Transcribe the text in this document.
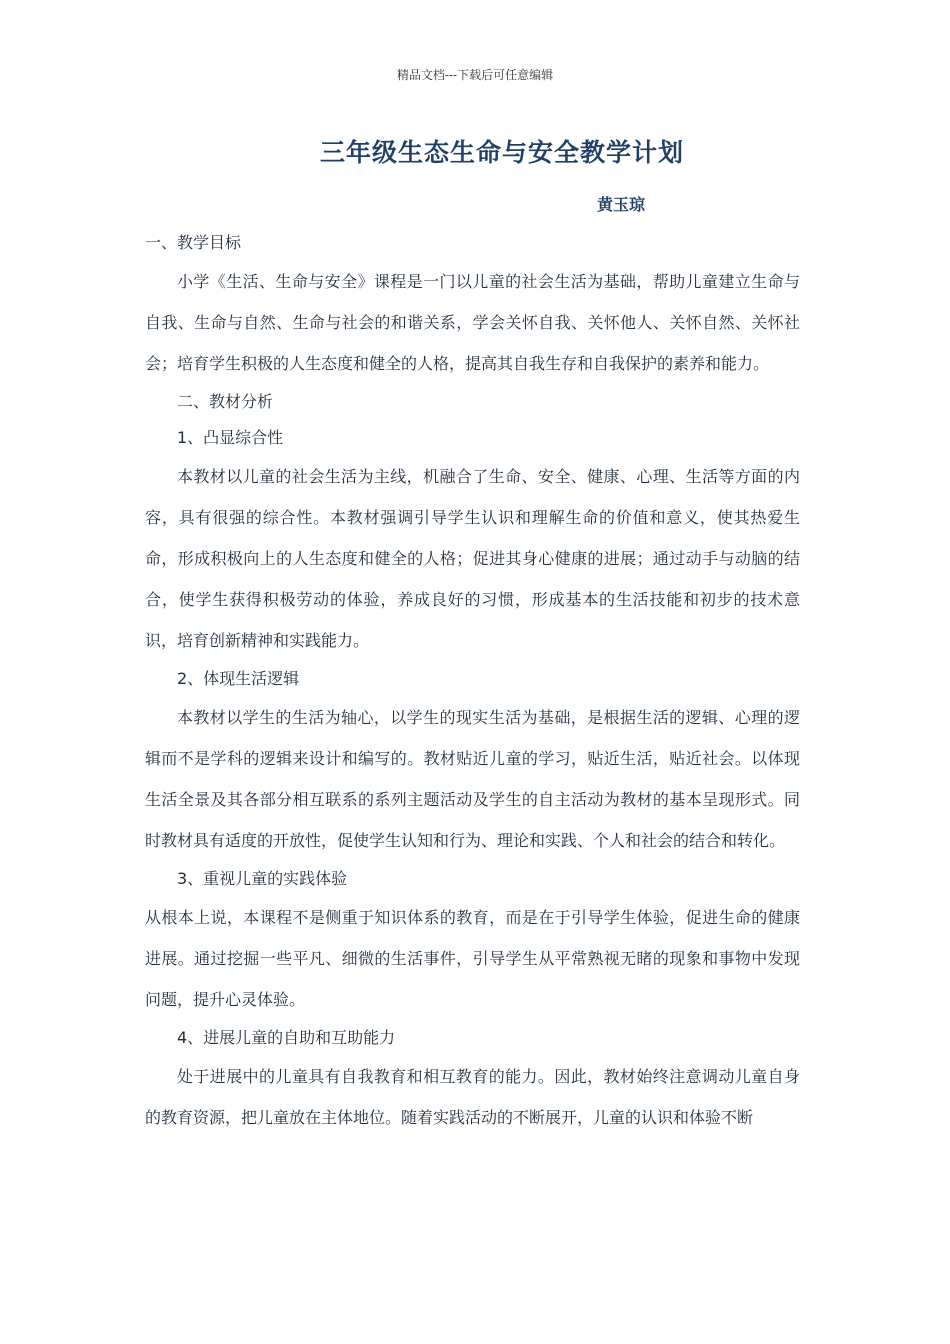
精品文档---下载后可任意编辑
三年级生态生命与安全教学计划
黄玉琼

一、教学目标

小学《生活、生命与安全》课程是一门以儿童的社会生活为基础，帮助儿童建立生命与自我、生命与自然、生命与社会的和谐关系，学会关怀自我、关怀他人、关怀自然、关怀社会；培育学生积极的人生态度和健全的人格，提高其自我生存和自我保护的素养和能力。

二、教材分析

1、凸显综合性

本教材以儿童的社会生活为主线，机融合了生命、安全、健康、心理、生活等方面的内容，具有很强的综合性。本教材强调引导学生认识和理解生命的价值和意义，使其热爱生命，形成积极向上的人生态度和健全的人格；促进其身心健康的进展；通过动手与动脑的结合，使学生获得积极劳动的体验，养成良好的习惯，形成基本的生活技能和初步的技术意识，培育创新精神和实践能力。

2、体现生活逻辑

本教材以学生的生活为轴心，以学生的现实生活为基础，是根据生活的逻辑、心理的逻辑而不是学科的逻辑来设计和编写的。教材贴近儿童的学习，贴近生活，贴近社会。以体现生活全景及其各部分相互联系的系列主题活动及学生的自主活动为教材的基本呈现形式。同时教材具有适度的开放性，促使学生认知和行为、理论和实践、个人和社会的结合和转化。

3、重视儿童的实践体验

从根本上说，本课程不是侧重于知识体系的教育，而是在于引导学生体验，促进生命的健康进展。通过挖掘一些平凡、细微的生活事件，引导学生从平常熟视无睹的现象和事物中发现问题，提升心灵体验。

4、进展儿童的自助和互助能力

处于进展中的儿童具有自我教育和相互教育的能力。因此，教材始终注意调动儿童自身的教育资源，把儿童放在主体地位。随着实践活动的不断展开，儿童的认识和体验不断
